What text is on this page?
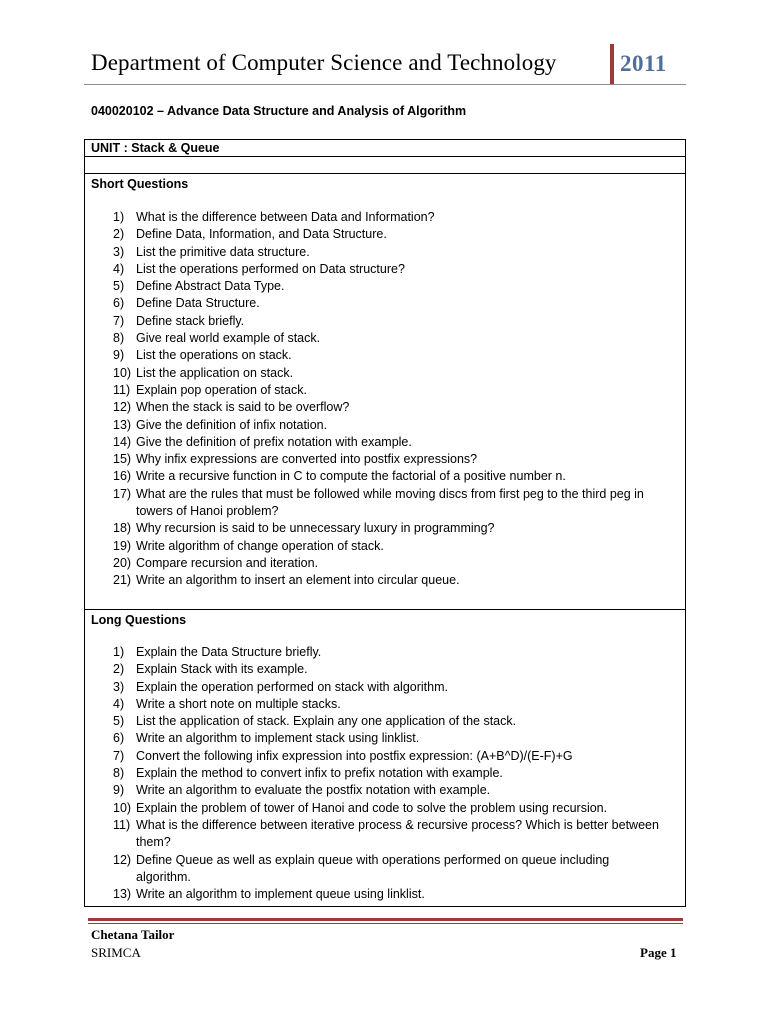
Department of Computer Science and Technology	2011
040020102 – Advance Data Structure and Analysis of Algorithm
UNIT : Stack & Queue
Short Questions
1) What is the difference between Data and Information?
2) Define Data, Information, and Data Structure.
3) List the primitive data structure.
4) List the operations performed on Data structure?
5) Define Abstract Data Type.
6) Define Data Structure.
7) Define stack briefly.
8) Give real world example of stack.
9) List the operations on stack.
10) List the application on stack.
11) Explain pop operation of stack.
12) When the stack is said to be overflow?
13) Give the definition of infix notation.
14) Give the definition of prefix notation with example.
15) Why infix expressions are converted into postfix expressions?
16) Write a recursive function in C to compute the factorial of a positive number n.
17) What are the rules that must be followed while moving discs from first peg to the third peg in towers of Hanoi problem?
18) Why recursion is said to be unnecessary luxury in programming?
19) Write algorithm of change operation of stack.
20) Compare recursion and iteration.
21) Write an algorithm to insert an element into circular queue.
Long Questions
1) Explain the Data Structure briefly.
2) Explain Stack with its example.
3) Explain the operation performed on stack with algorithm.
4) Write a short note on multiple stacks.
5) List the application of stack. Explain any one application of the stack.
6) Write an algorithm to implement stack using linklist.
7) Convert the following infix expression into postfix expression: (A+B^D)/(E-F)+G
8) Explain the method to convert infix to prefix notation with example.
9) Write an algorithm to evaluate the postfix notation with example.
10) Explain the problem of tower of Hanoi and code to solve the problem using recursion.
11) What is the difference between iterative process & recursive process? Which is better between them?
12) Define Queue as well as explain queue with operations performed on queue including algorithm.
13) Write an algorithm to implement queue using linklist.
Chetana Tailor
SRIMCA	Page 1
